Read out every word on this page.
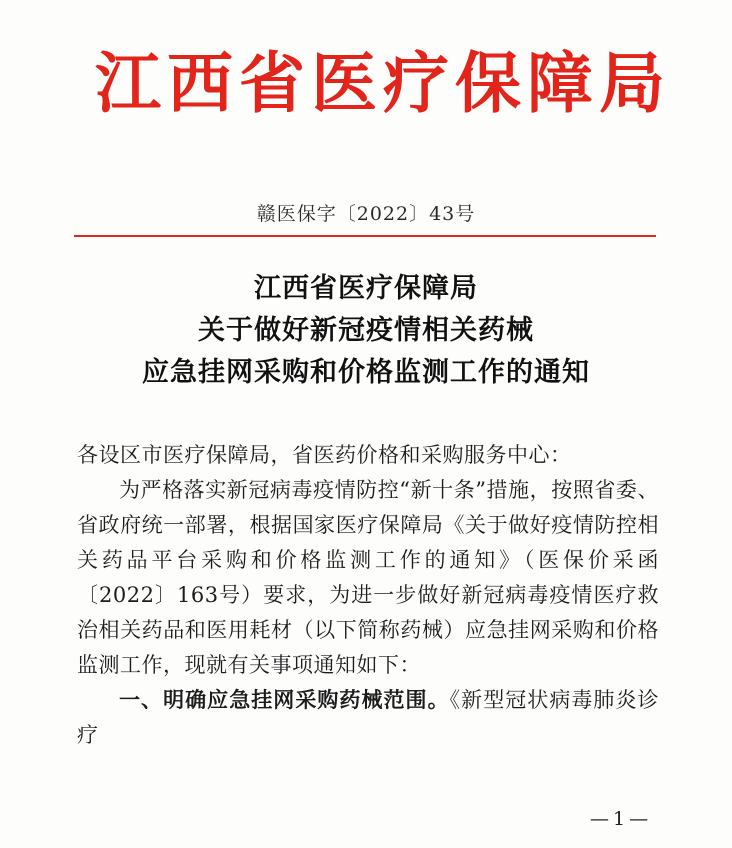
江西省医疗保障局
赣医保字〔2022〕43号
江西省医疗保障局
关于做好新冠疫情相关药械
应急挂网采购和价格监测工作的通知

各设区市医疗保障局，省医药价格和采购服务中心：

为严格落实新冠病毒疫情防控“新十条”措施，按照省委、省政府统一部署，根据国家医疗保障局《关于做好疫情防控相关药品平台采购和价格监测工作的通知》（医保价采函〔2022〕163号）要求，为进一步做好新冠病毒疫情医疗救治相关药品和医用耗材（以下简称药械）应急挂网采购和价格监测工作，现就有关事项通知如下：

一、明确应急挂网采购药械范围。《新型冠状病毒肺炎诊疗

—1—
